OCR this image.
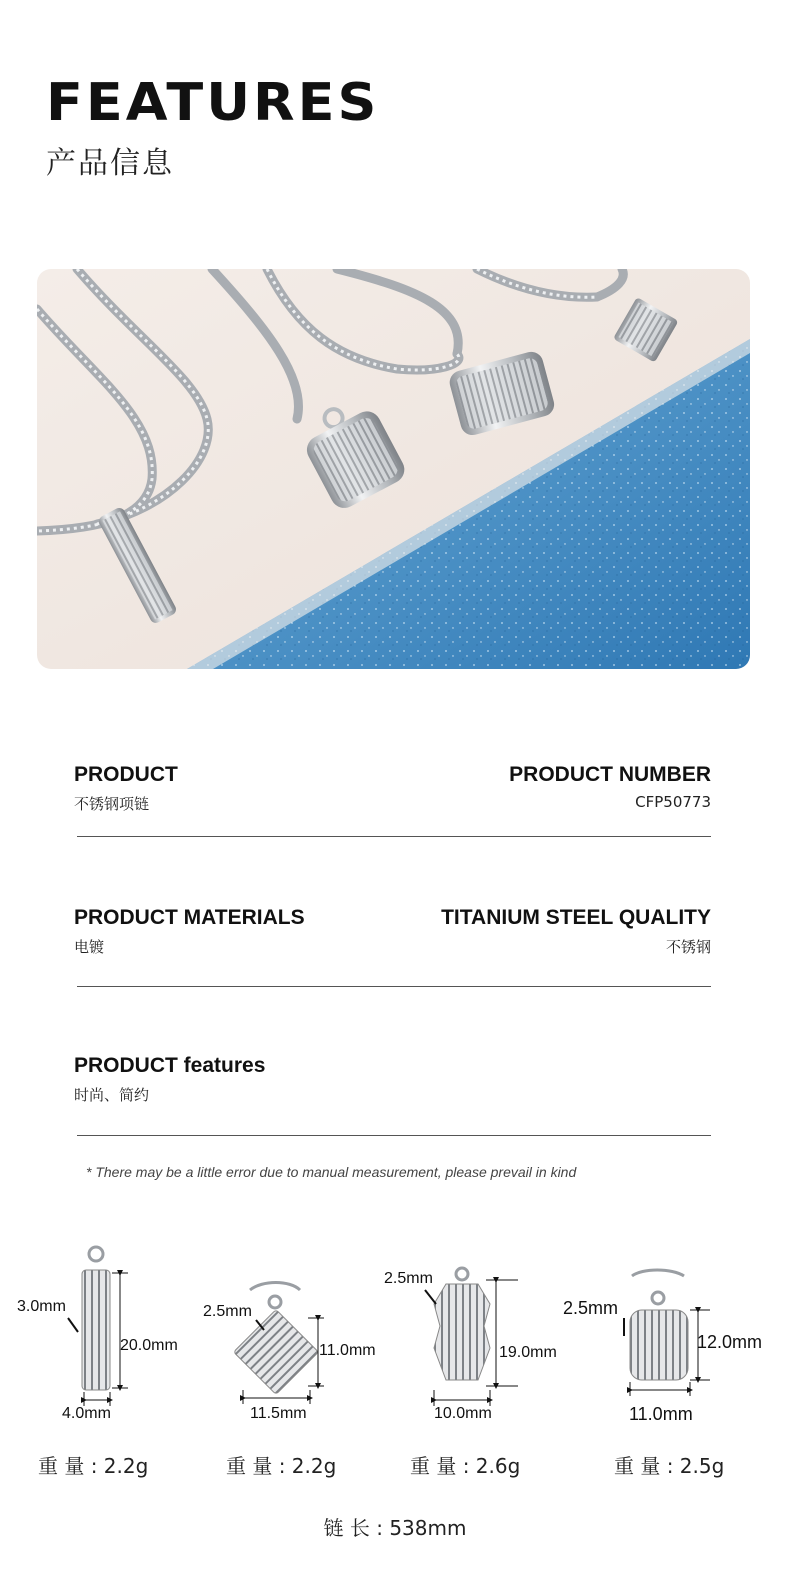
FEATURES
产品信息
PRODUCT
不锈钢项链
PRODUCT NUMBER
CFP50773
PRODUCT MATERIALS
电镀
TITANIUM STEEL QUALITY
不锈钢
PRODUCT features
时尚、简约
* There may be a little error due to manual measurement, please prevail in kind
3.0mm
20.0mm
4.0mm
2.5mm
11.0mm
11.5mm
2.5mm
19.0mm
10.0mm
2.5mm
12.0mm
11.0mm
重 量 : 2.2g	重 量 : 2.2g	重 量 : 2.6g	重 量 : 2.5g
链 长 : 538mm
